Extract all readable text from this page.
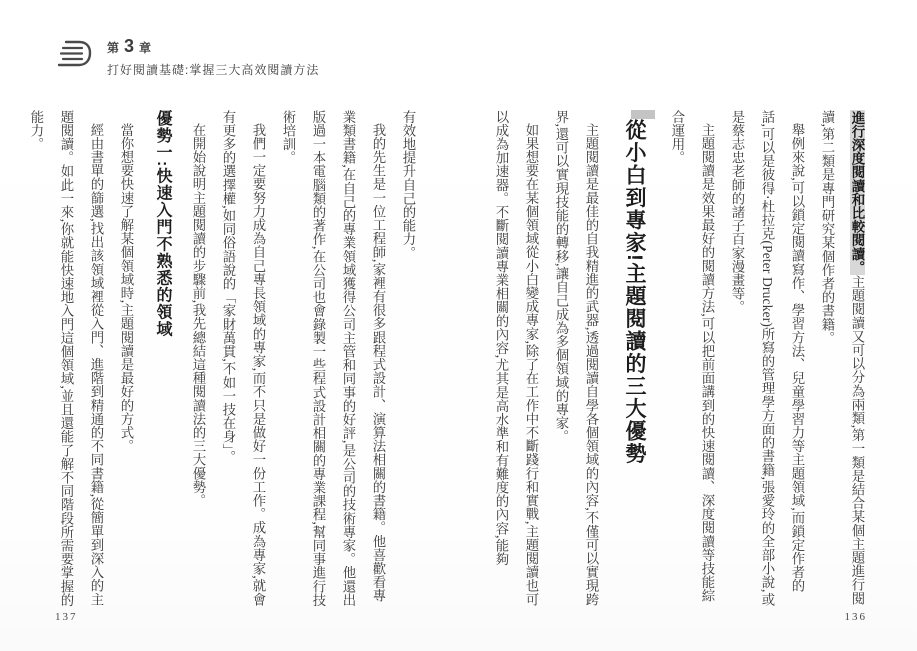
第 3 章
打好閱讀基礎:掌握三大高效閱讀方法

進行深度閱讀和比較閱讀。主題閱讀又可以分為兩類,第一類是結合某個主題進行閱讀,第二類是專門研究某個作者的書籍。

舉例來說,可以鎖定閱讀寫作、學習方法、兒童學習力等主題領域,而鎖定作者的話,可以是彼得‧杜拉克(Peter Drucker)所寫的管理學方面的書籍,張愛玲的全部小說,或是蔡志忠老師的諸子百家漫畫等。

主題閱讀是效果最好的閱讀方法,可以把前面講到的快速閱讀、深度閱讀等技能綜合運用。

從小白到專家!主題閱讀的三大優勢

主題閱讀是最佳的自我精進的武器,透過閱讀自學各個領域的內容,不僅可以實現跨界,還可以實現技能的轉移,讓自己成為多個領域的專家。

如果想要在某個領域從小白變成專家,除了在工作中不斷踐行和實戰,主題閱讀也可以成為加速器。不斷閱讀專業相關的內容,尤其是高水準和有難度的內容,能夠

有效地提升自己的能力。

我的先生是一位工程師,家裡有很多跟程式設計、演算法相關的書籍。他喜歡看專業類書籍,在自己的專業領域獲得公司主管和同事的好評,是公司的技術專家。他還出版過一本電腦類的著作,在公司也會錄製一些程式設計相關的專業課程,幫同事進行技術培訓。

我們一定要努力成為自己專長領域的專家,而不只是做好一份工作。成為專家,就會有更多的選擇權,如同俗語說的「家財萬貫,不如一技在身」。

在開始說明主題閱讀的步驟前,我先總結這種閱讀法的三大優勢。

優勢一:快速入門不熟悉的領域

當你想要快速了解某個領域時,主題閱讀是最好的方式。

經由書單的篩選,找出該領域裡從入門、進階到精通的不同書籍,從簡單到深入的主題閱讀。如此一來,你就能快速地入門這個領域,並且還能了解不同階段所需要掌握的能力。

137	136
